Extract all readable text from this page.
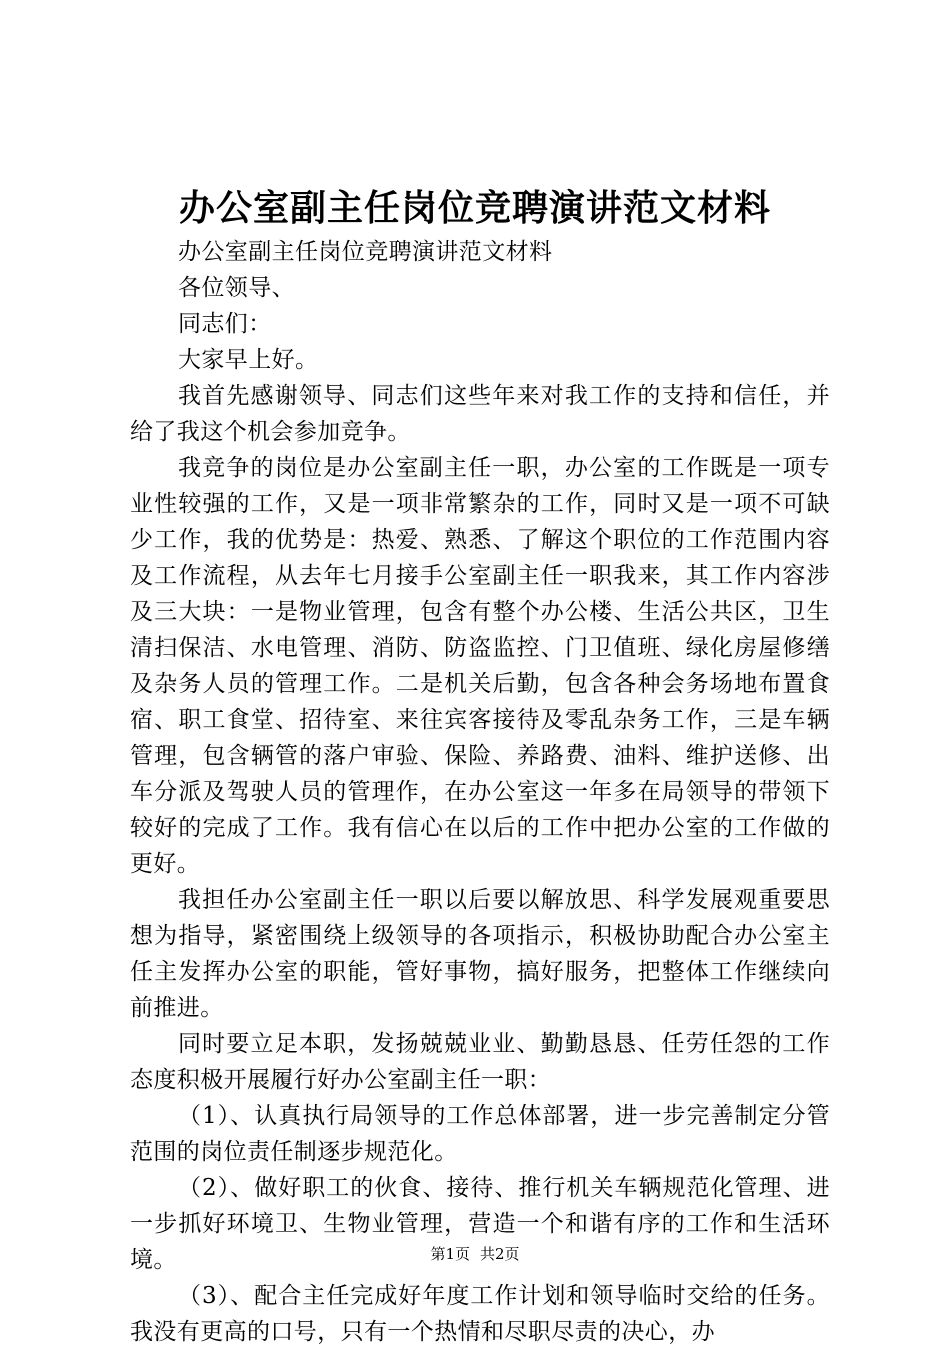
办公室副主任岗位竞聘演讲范文材料

办公室副主任岗位竞聘演讲范文材料

各位领导、

同志们：

大家早上好。

我首先感谢领导、同志们这些年来对我工作的支持和信任，并给了我这个机会参加竞争。

我竞争的岗位是办公室副主任一职，办公室的工作既是一项专业性较强的工作，又是一项非常繁杂的工作，同时又是一项不可缺少工作，我的优势是：热爱、熟悉、了解这个职位的工作范围内容及工作流程，从去年七月接手公室副主任一职我来，其工作内容涉及三大块：一是物业管理，包含有整个办公楼、生活公共区，卫生清扫保洁、水电管理、消防、防盗监控、门卫值班、绿化房屋修缮及杂务人员的管理工作。二是机关后勤，包含各种会务场地布置食宿、职工食堂、招待室、来往宾客接待及零乱杂务工作，三是车辆管理，包含辆管的落户审验、保险、养路费、油料、维护送修、出车分派及驾驶人员的管理作，在办公室这一年多在局领导的带领下较好的完成了工作。我有信心在以后的工作中把办公室的工作做的更好。

我担任办公室副主任一职以后要以解放思、科学发展观重要思想为指导，紧密围绕上级领导的各项指示，积极协助配合办公室主任主发挥办公室的职能，管好事物，搞好服务，把整体工作继续向前推进。

同时要立足本职，发扬兢兢业业、勤勤恳恳、任劳任怨的工作态度积极开展履行好办公室副主任一职：

（1）、认真执行局领导的工作总体部署，进一步完善制定分管范围的岗位责任制逐步规范化。

（2）、做好职工的伙食、接待、推行机关车辆规范化管理、进一步抓好环境卫、生物业管理，营造一个和谐有序的工作和生活环境。

（3）、配合主任完成好年度工作计划和领导临时交给的任务。我没有更高的口号，只有一个热情和尽职尽责的决心，办

第1页 共2页
